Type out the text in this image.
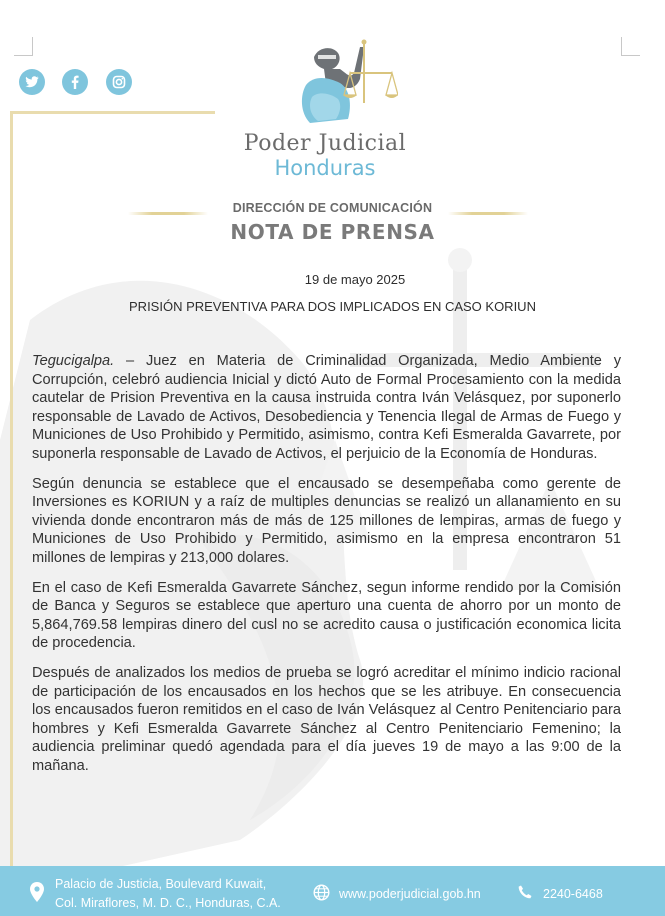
Poder Judicial
Honduras
DIRECCIÓN DE COMUNICACIÓN
NOTA DE PRENSA
19 de mayo 2025
PRISIÓN PREVENTIVA PARA DOS IMPLICADOS EN CASO KORIUN

Tegucigalpa. – Juez en Materia de Criminalidad Organizada, Medio Ambiente y Corrupción, celebró audiencia Inicial y dictó Auto de Formal Procesamiento con la medida cautelar de Prision Preventiva en la causa instruida contra Iván Velásquez, por suponerlo responsable de Lavado de Activos, Desobediencia y Tenencia Ilegal de Armas de Fuego y Municiones de Uso Prohibido y Permitido, asimismo, contra Kefi Esmeralda Gavarrete, por suponerla responsable de Lavado de Activos, el perjuicio de la Economía de Honduras.

Según denuncia se establece que el encausado se desempeñaba como gerente de Inversiones es KORIUN y a raíz de multiples denuncias se realizó un allanamiento en su vivienda donde encontraron más de más de 125 millones de lempiras, armas de fuego y Municiones de Uso Prohibido y Permitido, asimismo en la empresa encontraron 51 millones de lempiras y 213,000 dolares.

En el caso de Kefi Esmeralda Gavarrete Sánchez, segun informe rendido por la Comisión de Banca y Seguros se establece que aperturo una cuenta de ahorro por un monto de 5,864,769.58 lempiras dinero del cusl no se acredito causa o justificación economica licita de procedencia.

Después de analizados los medios de prueba se logró acreditar el mínimo indicio racional de participación de los encausados en los hechos que se les atribuye. En consecuencia los encausados fueron remitidos en el caso de Iván Velásquez al Centro Penitenciario para hombres y Kefi Esmeralda Gavarrete Sánchez al Centro Penitenciario Femenino; la audiencia preliminar quedó agendada para el día jueves 19 de mayo a las 9:00 de la mañana.

Palacio de Justicia, Boulevard Kuwait,
Col. Miraflores, M. D. C., Honduras, C.A.
www.poderjudicial.gob.hn	2240-6468
